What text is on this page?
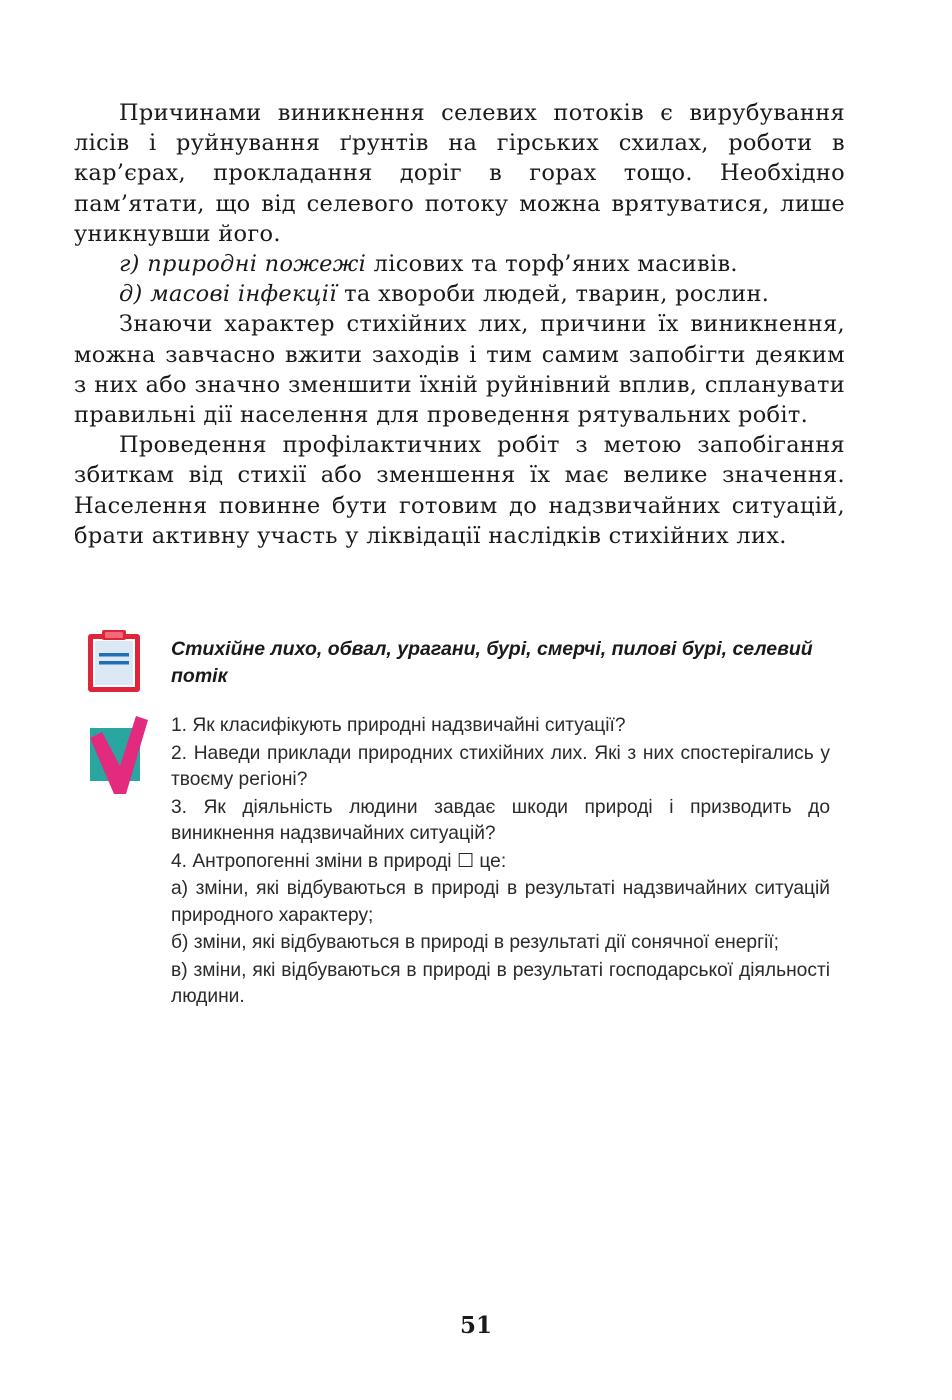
Причинами виникнення селевих потоків є вирубування лісів і руйнування ґрунтів на гірських схилах, роботи в кар’єрах, прокладання доріг в горах тощо. Необхідно пам’ятати, що від селевого потоку можна врятуватися, лише уникнувши його.

г) природні пожежі лісових та торф’яних масивів.

д) масові інфекції та хвороби людей, тварин, рослин.

Знаючи характер стихійних лих, причини їх виникнення, можна завчасно вжити заходів і тим самим запобігти деяким з них або значно зменшити їхній руйнівний вплив, спланувати правильні дії населення для проведення рятувальних робіт.

Проведення профілактичних робіт з метою запобігання збиткам від стихії або зменшення їх має велике значення. Населення повинне бути готовим до надзвичайних ситуацій, брати активну участь у ліквідації наслідків стихійних лих.

Стихійне лихо, обвал, урагани, бурі, смерчі, пилові бурі, селевий потік

1. Як класифікують природні надзвичайні ситуації?

2. Наведи приклади природних стихійних лих. Які з них спостерігались у твоєму регіоні?

3. Як діяльність людини завдає шкоди природі і призводить до виникнення надзвичайних ситуацій?

4. Антропогенні зміни в природі ☐ це:

а) зміни, які відбуваються в природі в результаті надзвичайних ситуацій природного характеру;

б) зміни, які відбуваються в природі в результаті дії сонячної енергії;

в) зміни, які відбуваються в природі в результаті господарської діяльності людини.

51
